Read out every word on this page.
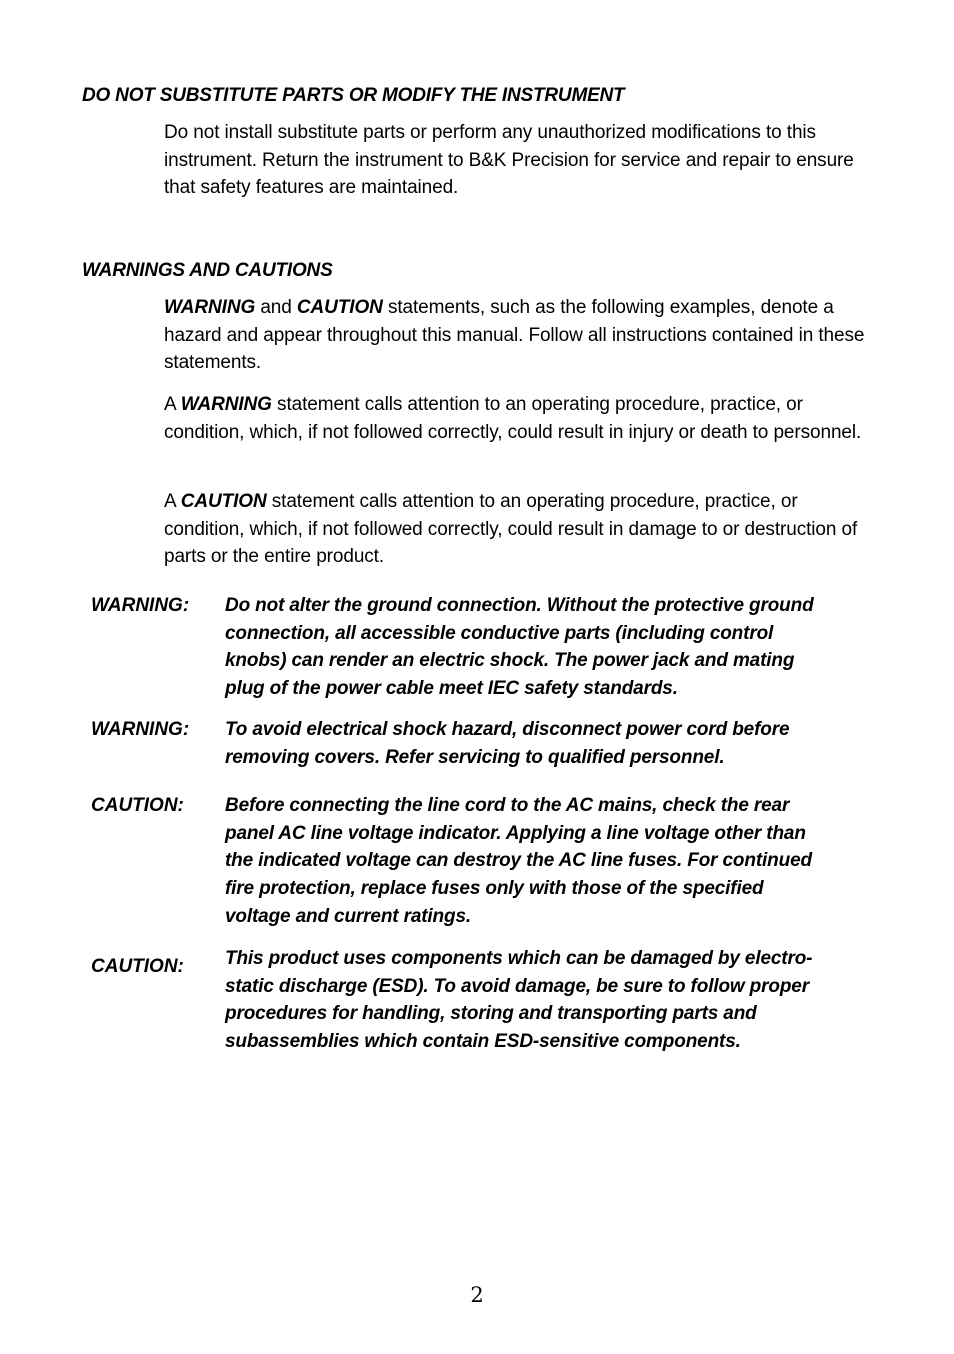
DO NOT SUBSTITUTE PARTS OR MODIFY THE INSTRUMENT

Do not install substitute parts or perform any unauthorized modifications to this instrument. Return the instrument to B&K Precision for service and repair to ensure that safety features are maintained.

WARNINGS AND CAUTIONS

WARNING and CAUTION statements, such as the following examples, denote a hazard and appear throughout this manual. Follow all instructions contained in these statements.

A WARNING statement calls attention to an operating procedure, practice, or condition, which, if not followed correctly, could result in injury or death to personnel.

A CAUTION statement calls attention to an operating procedure, practice, or condition, which, if not followed correctly, could result in damage to or destruction of parts or the entire product.

WARNING: Do not alter the ground connection. Without the protective ground connection, all accessible conductive parts (including control knobs) can render an electric shock. The power jack and mating plug of the power cable meet IEC safety standards.
WARNING: To avoid electrical shock hazard, disconnect power cord before removing covers. Refer servicing to qualified personnel.
CAUTION: Before connecting the line cord to the AC mains, check the rear panel AC line voltage indicator. Applying a line voltage other than the indicated voltage can destroy the AC line fuses. For continued fire protection, replace fuses only with those of the specified voltage and current ratings.
CAUTION: This product uses components which can be damaged by electro-static discharge (ESD). To avoid damage, be sure to follow proper procedures for handling, storing and transporting parts and subassemblies which contain ESD-sensitive components.
2
